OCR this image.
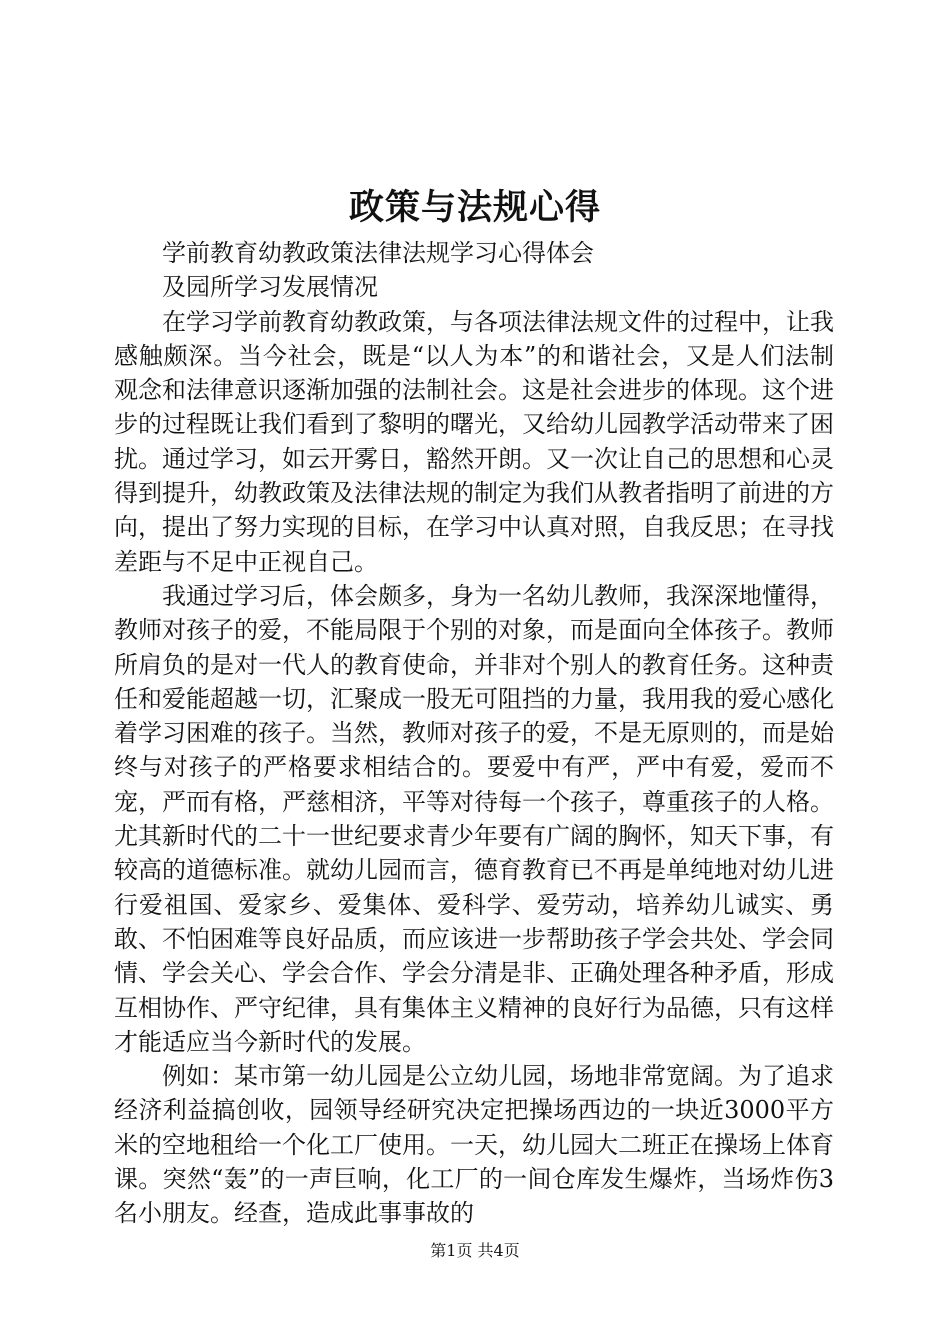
政策与法规心得

学前教育幼教政策法律法规学习心得体会

及园所学习发展情况

在学习学前教育幼教政策，与各项法律法规文件的过程中，让我感触颇深。当今社会，既是“以人为本”的和谐社会，又是人们法制观念和法律意识逐渐加强的法制社会。这是社会进步的体现。这个进步的过程既让我们看到了黎明的曙光，又给幼儿园教学活动带来了困扰。通过学习，如云开雾日，豁然开朗。又一次让自己的思想和心灵得到提升，幼教政策及法律法规的制定为我们从教者指明了前进的方向，提出了努力实现的目标，在学习中认真对照，自我反思；在寻找差距与不足中正视自己。

我通过学习后，体会颇多，身为一名幼儿教师，我深深地懂得，教师对孩子的爱，不能局限于个别的对象，而是面向全体孩子。教师所肩负的是对一代人的教育使命，并非对个别人的教育任务。这种责任和爱能超越一切，汇聚成一股无可阻挡的力量，我用我的爱心感化着学习困难的孩子。当然，教师对孩子的爱，不是无原则的，而是始终与对孩子的严格要求相结合的。要爱中有严，严中有爱，爱而不宠，严而有格，严慈相济，平等对待每一个孩子，尊重孩子的人格。尤其新时代的二十一世纪要求青少年要有广阔的胸怀，知天下事，有较高的道德标准。就幼儿园而言，德育教育已不再是单纯地对幼儿进行爱祖国、爱家乡、爱集体、爱科学、爱劳动，培养幼儿诚实、勇敢、不怕困难等良好品质，而应该进一步帮助孩子学会共处、学会同情、学会关心、学会合作、学会分清是非、正确处理各种矛盾，形成互相协作、严守纪律，具有集体主义精神的良好行为品德，只有这样才能适应当今新时代的发展。

例如：某市第一幼儿园是公立幼儿园，场地非常宽阔。为了追求经济利益搞创收，园领导经研究决定把操场西边的一块近3000平方米的空地租给一个化工厂使用。一天，幼儿园大二班正在操场上体育课。突然“轰”的一声巨响，化工厂的一间仓库发生爆炸，当场炸伤3名小朋友。经查，造成此事事故的

第1页 共4页
